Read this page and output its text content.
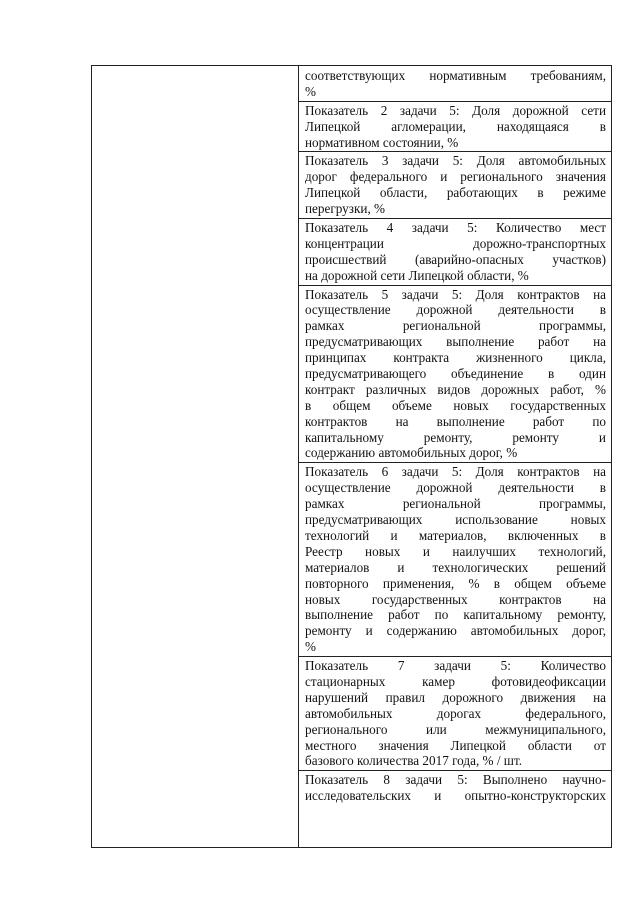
· · · ·
соответствующих нормативным требованиям,
%
Показатель 2 задачи 5: Доля дорожной сети
Липецкой агломерации, находящаяся в
нормативном состоянии, %
Показатель 3 задачи 5: Доля автомобильных
дорог федерального и регионального значения
Липецкой области, работающих в режиме
перегрузки, %
Показатель 4 задачи 5: Количество мест
концентрации дорожно-транспортных
происшествий (аварийно-опасных участков)
на дорожной сети Липецкой области, %
Показатель 5 задачи 5: Доля контрактов на
осуществление дорожной деятельности в
рамках региональной программы,
предусматривающих выполнение работ на
принципах контракта жизненного цикла,
предусматривающего объединение в один
контракт различных видов дорожных работ, %
в общем объеме новых государственных
контрактов на выполнение работ по
капитальному ремонту, ремонту и
содержанию автомобильных дорог, %
Показатель 6 задачи 5: Доля контрактов на
осуществление дорожной деятельности в
рамках региональной программы,
предусматривающих использование новых
технологий и материалов, включенных в
Реестр новых и наилучших технологий,
материалов и технологических решений
повторного применения, % в общем объеме
новых государственных контрактов на
выполнение работ по капитальному ремонту,
ремонту и содержанию автомобильных дорог,
%
Показатель 7 задачи 5: Количество
стационарных камер фотовидеофиксации
нарушений правил дорожного движения на
автомобильных дорогах федерального,
регионального или межмуниципального,
местного значения Липецкой области от
базового количества 2017 года, % / шт.
Показатель 8 задачи 5: Выполнено научно-
исследовательских и опытно-конструкторских
